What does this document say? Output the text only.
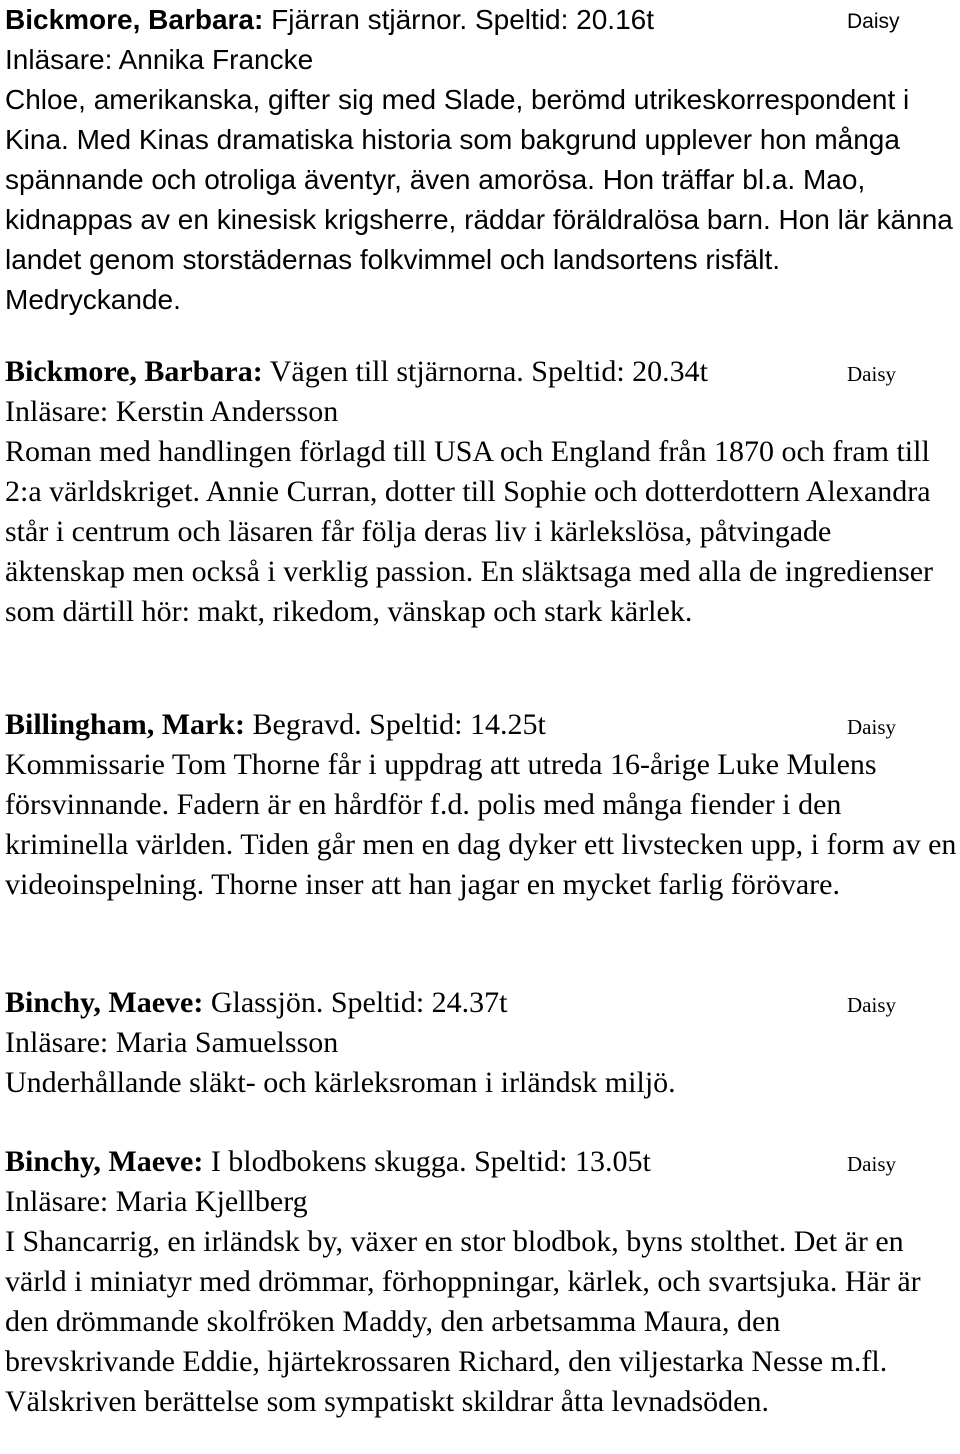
Bickmore, Barbara: Fjärran stjärnor. Speltid: 20.16t	Daisy

Inläsare: Annika Francke

Chloe, amerikanska, gifter sig med Slade, berömd utrikeskorrespondent i Kina. Med Kinas dramatiska historia som bakgrund upplever hon många spännande och otroliga äventyr, även amorösa. Hon träffar bl.a. Mao, kidnappas av en kinesisk krigsherre, räddar föräldralösa barn. Hon lär känna landet genom storstädernas folkvimmel och landsortens risfält. Medryckande.

Bickmore, Barbara: Vägen till stjärnorna. Speltid: 20.34t	Daisy

Inläsare: Kerstin Andersson

Roman med handlingen förlagd till USA och England från 1870 och fram till 2:a världskriget. Annie Curran, dotter till Sophie och dotterdottern Alexandra står i centrum och läsaren får följa deras liv i kärlekslösa, påtvingade äktenskap men också i verklig passion. En släktsaga med alla de ingredienser som därtill hör: makt, rikedom, vänskap och stark kärlek.

Billingham, Mark: Begravd. Speltid: 14.25t	Daisy

Kommissarie Tom Thorne får i uppdrag att utreda 16-årige Luke Mulens försvinnande. Fadern är en hårdför f.d. polis med många fiender i den kriminella världen. Tiden går men en dag dyker ett livstecken upp, i form av en videoinspelning. Thorne inser att han jagar en mycket farlig förövare.

Binchy, Maeve: Glassjön. Speltid: 24.37t	Daisy

Inläsare: Maria Samuelsson

Underhållande släkt- och kärleksroman i irländsk miljö.

Binchy, Maeve: I blodbokens skugga. Speltid: 13.05t	Daisy

Inläsare: Maria Kjellberg

I Shancarrig, en irländsk by, växer en stor blodbok, byns stolthet. Det är en värld i miniatyr med drömmar, förhoppningar, kärlek, och svartsjuka. Här är den drömmande skolfröken Maddy, den arbetsamma Maura, den brevskrivande Eddie, hjärtekrossaren Richard, den viljestarka Nesse m.fl. Välskriven berättelse som sympatiskt skildrar åtta levnadsöden.
